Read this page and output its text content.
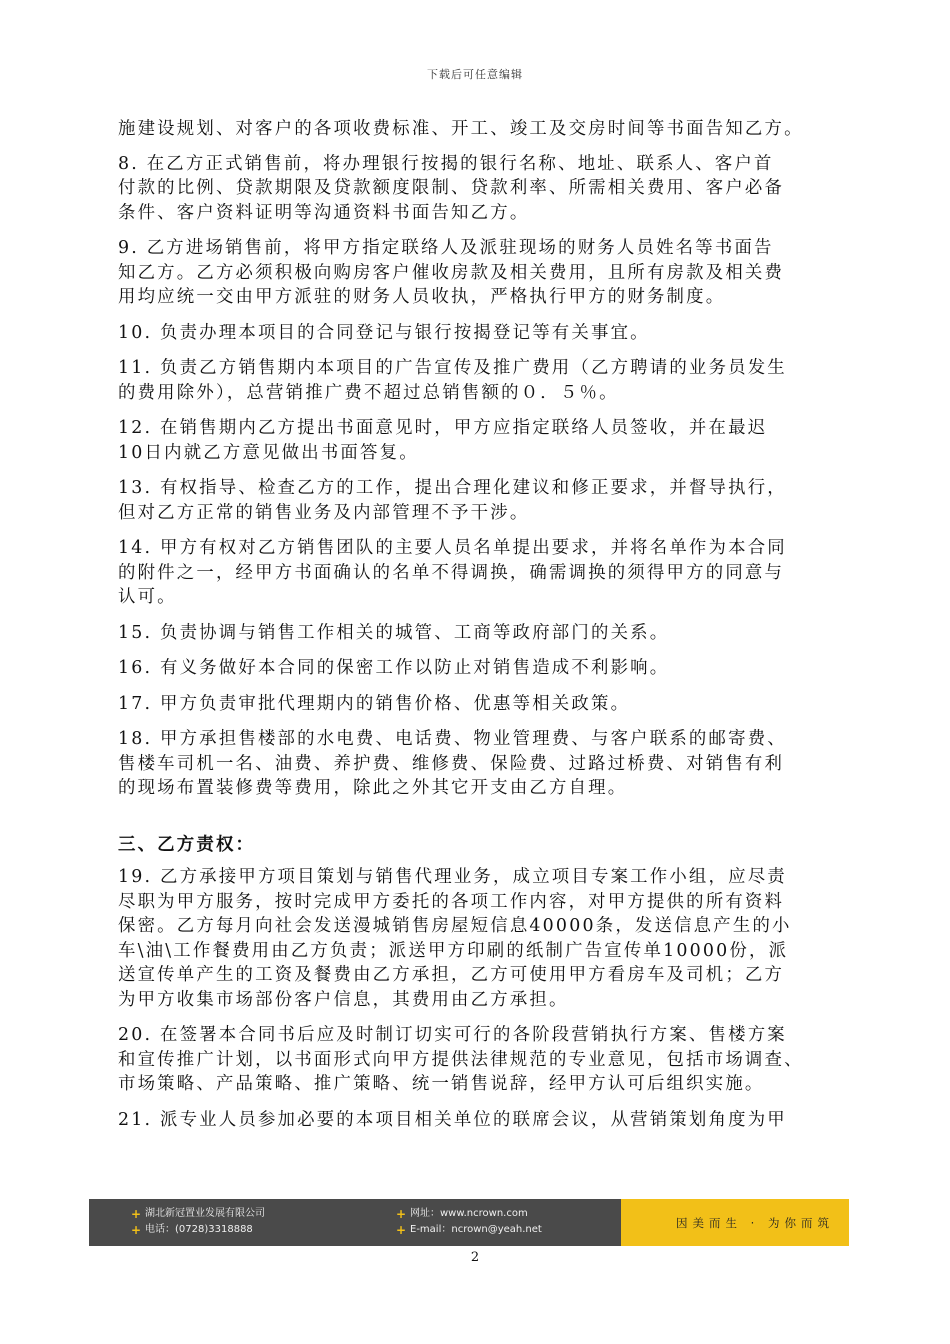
下载后可任意编辑

施建设规划、对客户的各项收费标准、开工、竣工及交房时间等书面告知乙方。

8. 在乙方正式销售前，将办理银行按揭的银行名称、地址、联系人、客户首
付款的比例、贷款期限及贷款额度限制、贷款利率、所需相关费用、客户必备
条件、客户资料证明等沟通资料书面告知乙方。

9. 乙方进场销售前，将甲方指定联络人及派驻现场的财务人员姓名等书面告
知乙方。乙方必须积极向购房客户催收房款及相关费用，且所有房款及相关费
用均应统一交由甲方派驻的财务人员收执，严格执行甲方的财务制度。

10. 负责办理本项目的合同登记与银行按揭登记等有关事宜。

11. 负责乙方销售期内本项目的广告宣传及推广费用（乙方聘请的业务员发生
的费用除外），总营销推广费不超过总销售额的０．５％。

12. 在销售期内乙方提出书面意见时，甲方应指定联络人员签收，并在最迟
10日内就乙方意见做出书面答复。

13. 有权指导、检查乙方的工作，提出合理化建议和修正要求，并督导执行，
但对乙方正常的销售业务及内部管理不予干涉。

14. 甲方有权对乙方销售团队的主要人员名单提出要求，并将名单作为本合同
的附件之一，经甲方书面确认的名单不得调换，确需调换的须得甲方的同意与
认可。

15. 负责协调与销售工作相关的城管、工商等政府部门的关系。

16. 有义务做好本合同的保密工作以防止对销售造成不利影响。

17. 甲方负责审批代理期内的销售价格、优惠等相关政策。

18. 甲方承担售楼部的水电费、电话费、物业管理费、与客户联系的邮寄费、
售楼车司机一名、油费、养护费、维修费、保险费、过路过桥费、对销售有利
的现场布置装修费等费用，除此之外其它开支由乙方自理。

三、乙方责权：

19. 乙方承接甲方项目策划与销售代理业务，成立项目专案工作小组，应尽责
尽职为甲方服务，按时完成甲方委托的各项工作内容，对甲方提供的所有资料
保密。乙方每月向社会发送漫城销售房屋短信息40000条，发送信息产生的小
车\油\工作餐费用由乙方负责；派送甲方印刷的纸制广告宣传单10000份，派
送宣传单产生的工资及餐费由乙方承担，乙方可使用甲方看房车及司机；乙方
为甲方收集市场部份客户信息，其费用由乙方承担。

20. 在签署本合同书后应及时制订切实可行的各阶段营销执行方案、售楼方案
和宣传推广计划，以书面形式向甲方提供法律规范的专业意见，包括市场调查、
市场策略、产品策略、推广策略、统一销售说辞，经甲方认可后组织实施。

21. 派专业人员参加必要的本项目相关单位的联席会议，从营销策划角度为甲

+ 湖北新冠置业发展有限公司
+ 电话：(0728)3318888
+ 网址：www.ncrown.com
+ E-mail：ncrown@yeah.net	因美而生 · 为你而筑
2
